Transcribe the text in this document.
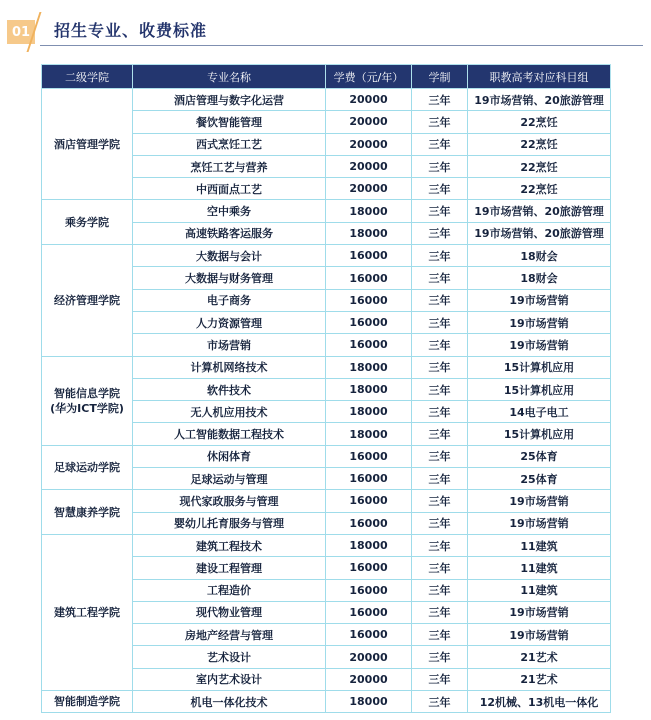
01	招生专业、收费标准
二级学院	专业名称	学费（元/年）	学制	职教高考对应科目组
酒店管理学院	酒店管理与数字化运营	20000	三年	19市场营销、20旅游管理
	餐饮智能管理	20000	三年	22烹饪
	西式烹饪工艺	20000	三年	22烹饪
	烹饪工艺与营养	20000	三年	22烹饪
	中西面点工艺	20000	三年	22烹饪
乘务学院	空中乘务	18000	三年	19市场营销、20旅游管理
	高速铁路客运服务	18000	三年	19市场营销、20旅游管理
经济管理学院	大数据与会计	16000	三年	18财会
	大数据与财务管理	16000	三年	18财会
	电子商务	16000	三年	19市场营销
	人力资源管理	16000	三年	19市场营销
	市场营销	16000	三年	19市场营销
智能信息学院
(华为ICT学院)	计算机网络技术	18000	三年	15计算机应用
	软件技术	18000	三年	15计算机应用
	无人机应用技术	18000	三年	14电子电工
	人工智能数据工程技术	18000	三年	15计算机应用
足球运动学院	休闲体育	16000	三年	25体育
	足球运动与管理	16000	三年	25体育
智慧康养学院	现代家政服务与管理	16000	三年	19市场营销
	婴幼儿托育服务与管理	16000	三年	19市场营销
建筑工程学院	建筑工程技术	18000	三年	11建筑
	建设工程管理	16000	三年	11建筑
	工程造价	16000	三年	11建筑
	现代物业管理	16000	三年	19市场营销
	房地产经营与管理	16000	三年	19市场营销
	艺术设计	20000	三年	21艺术
	室内艺术设计	20000	三年	21艺术
智能制造学院	机电一体化技术	18000	三年	12机械、13机电一体化
